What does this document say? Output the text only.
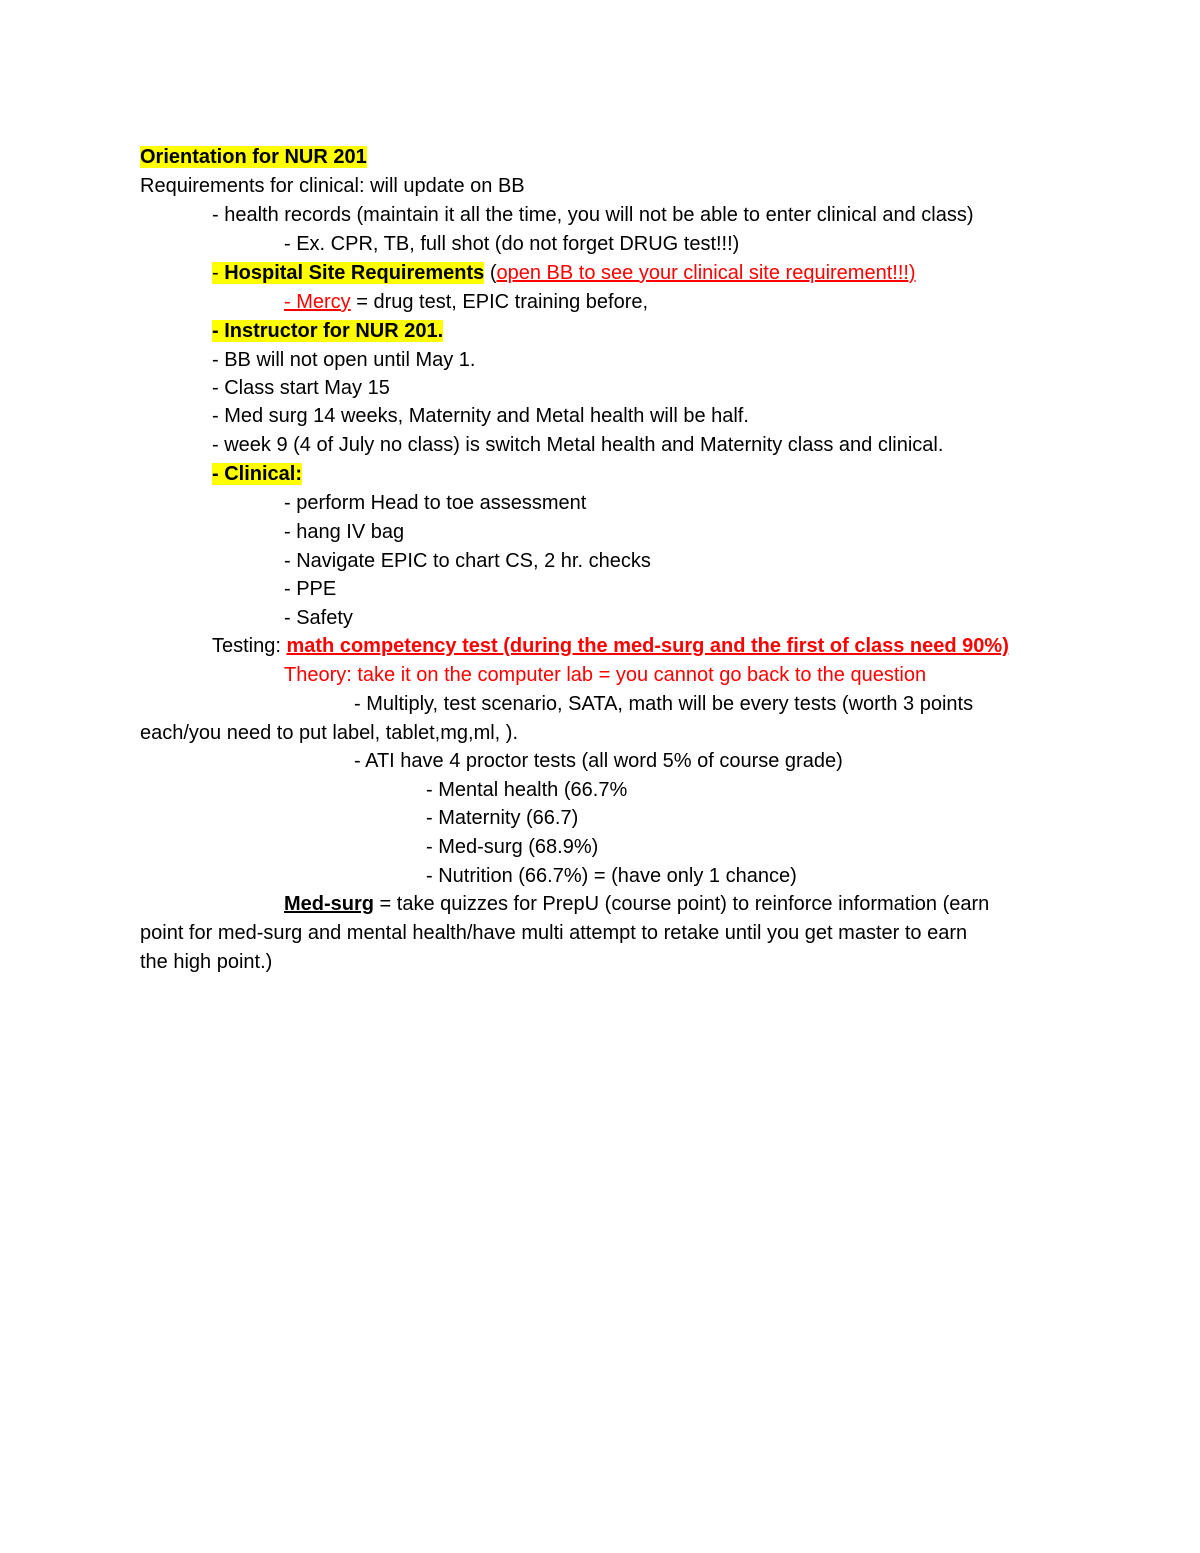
Orientation for NUR 201
Requirements for clinical: will update on BB
- health records (maintain it all the time, you will not be able to enter clinical and class)
- Ex. CPR, TB, full shot (do not forget DRUG test!!!)
- Hospital Site Requirements (open BB to see your clinical site requirement!!!)
- Mercy = drug test, EPIC training before,
- Instructor for NUR 201.
- BB will not open until May 1.
- Class start May 15
- Med surg 14 weeks, Maternity and Metal health will be half.
- week 9 (4 of July no class) is switch Metal health and Maternity class and clinical.
- Clinical:
- perform Head to toe assessment
- hang IV bag
- Navigate EPIC to chart CS, 2 hr. checks
- PPE
- Safety
Testing: math competency test (during the med-surg and the first of class need 90%)
Theory: take it on the computer lab = you cannot go back to the question
- Multiply, test scenario, SATA, math will be every tests (worth 3 points
each/you need to put label, tablet,mg,ml, ).
- ATI have 4 proctor tests (all word 5% of course grade)
- Mental health (66.7%
- Maternity (66.7)
- Med-surg (68.9%)
- Nutrition (66.7%) = (have only 1 chance)
Med-surg = take quizzes for PrepU (course point) to reinforce information (earn
point for med-surg and mental health/have multi attempt to retake until you get master to earn
the high point.)
